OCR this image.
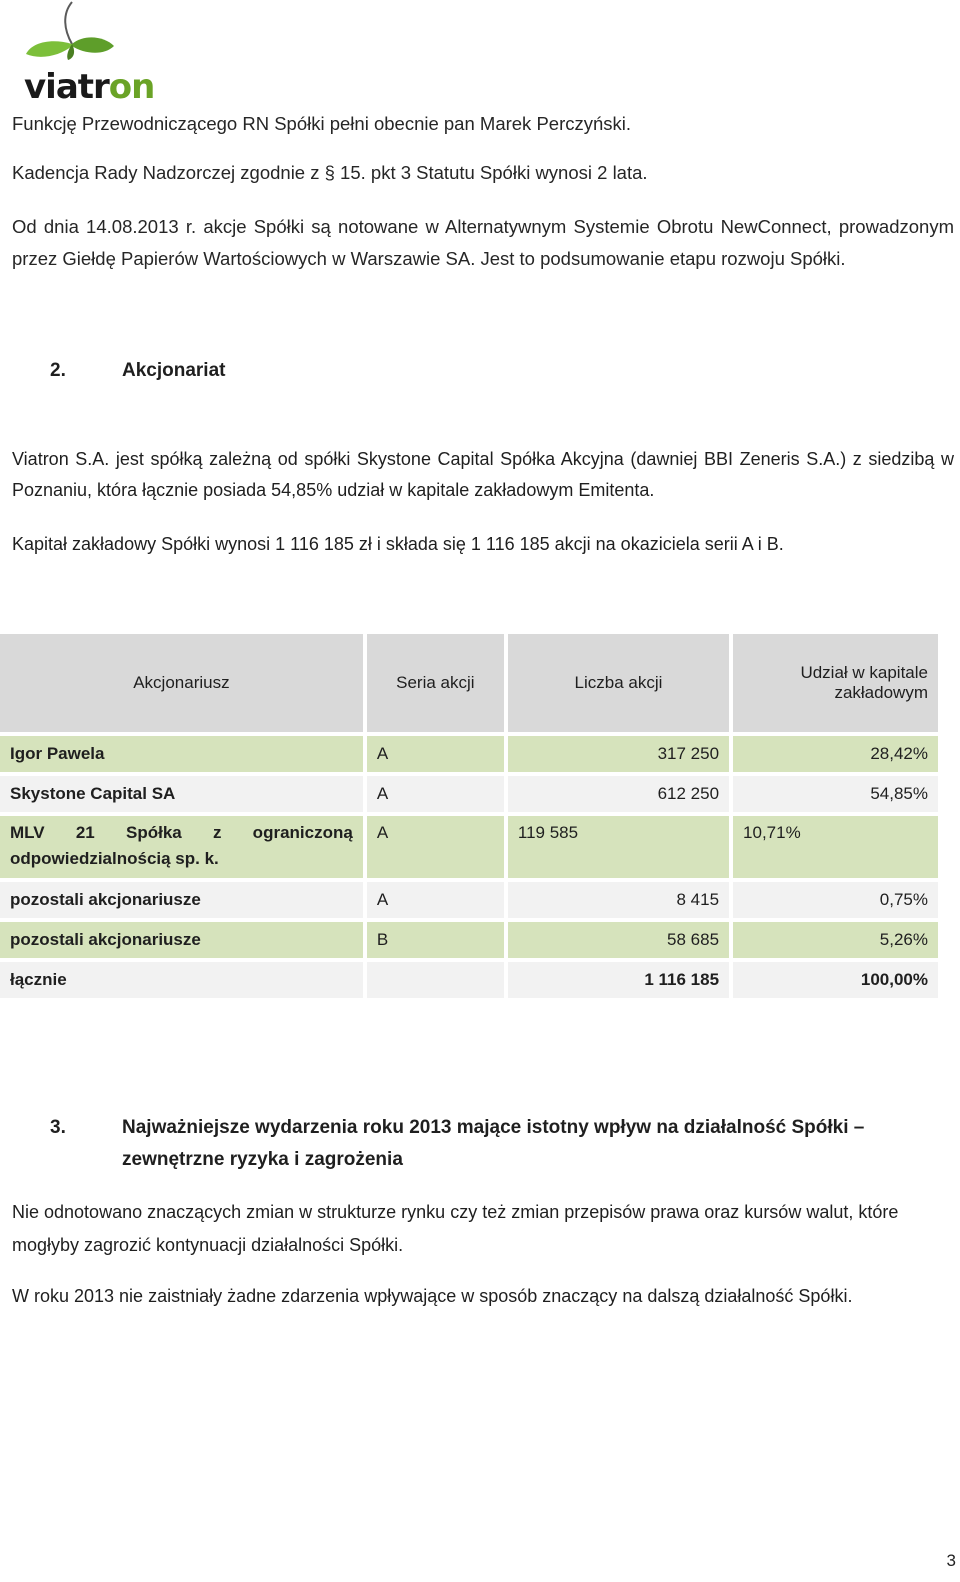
viatron

Funkcję Przewodniczącego RN Spółki pełni obecnie pan Marek Perczyński.

Kadencja Rady Nadzorczej zgodnie z § 15. pkt 3 Statutu Spółki wynosi 2 lata.

Od dnia 14.08.2013 r. akcje Spółki są notowane w Alternatywnym Systemie Obrotu NewConnect, prowadzonym przez Giełdę Papierów Wartościowych w Warszawie SA. Jest to podsumowanie etapu rozwoju Spółki.

2.	Akcjonariat

Viatron S.A. jest spółką zależną od spółki Skystone Capital Spółka Akcyjna (dawniej BBI Zeneris S.A.) z siedzibą w Poznaniu, która łącznie posiada 54,85% udział w kapitale zakładowym Emitenta.

Kapitał zakładowy Spółki wynosi 1 116 185 zł i składa się 1 116 185 akcji na okaziciela serii A i B.

Akcjonariusz	Seria akcji	Liczba akcji	Udział w kapitale zakładowym
Igor Pawela	A	317 250	28,42%
Skystone Capital SA	A	612 250	54,85%
MLV 21 Spółka z ograniczoną odpowiedzialnością sp. k.	A	119 585	10,71%
pozostali akcjonariusze	A	8 415	0,75%
pozostali akcjonariusze	B	58 685	5,26%
łącznie		1 116 185	100,00%
3.	Najważniejsze wydarzenia roku 2013 mające istotny wpływ na działalność Spółki – zewnętrzne ryzyka i zagrożenia

Nie odnotowano znaczących zmian w strukturze rynku czy też zmian przepisów prawa oraz kursów walut, które mogłyby zagrozić kontynuacji działalności Spółki.

W roku 2013 nie zaistniały żadne zdarzenia wpływające w sposób znaczący na dalszą działalność Spółki.

3
